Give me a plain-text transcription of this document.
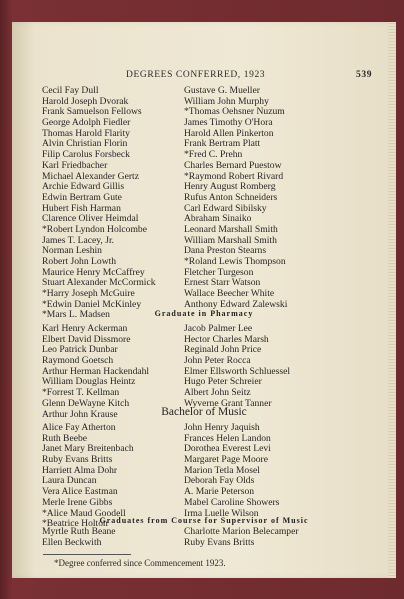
DEGREES CONFERRED, 1923	539
Cecil Fay Dull
Harold Joseph Dvorak
Frank Samuelson Fellows
George Adolph Fiedler
Thomas Harold Flarity
Alvin Christian Florin
Filip Carolus Forsbeck
Karl Friedbacher
Michael Alexander Gertz
Archie Edward Gillis
Edwin Bertram Gute
Hubert Fish Harman
Clarence Oliver Heimdal
*Robert Lyndon Holcombe
James T. Lacey, Jr.
Norman Leshin
Robert John Lowth
Maurice Henry McCaffrey
Stuart Alexander McCormick
*Harry Joseph McGuire
*Edwin Daniel McKinley
*Mars L. Madsen
Gustave G. Mueller
William John Murphy
*Thomas Oehsner Nuzum
James Timothy O'Hora
Harold Allen Pinkerton
Frank Bertram Platt
*Fred C. Prehn
Charles Bernard Puestow
*Raymond Robert Rivard
Henry August Romberg
Rufus Anton Schneiders
Carl Edward Sibilsky
Abraham Sinaiko
Leonard Marshall Smith
William Marshall Smith
Dana Preston Stearns
*Roland Lewis Thompson
Fletcher Turgeson
Ernest Starr Watson
Wallace Beecher White
Anthony Edward Zalewski
Graduate in Pharmacy
Karl Henry Ackerman
Elbert David Dissmore
Leo Patrick Dunbar
Raymond Goetsch
Arthur Herman Hackendahl
William Douglas Heintz
*Forrest T. Kellman
Glenn DeWayne Kitch
Arthur John Krause
Jacob Palmer Lee
Hector Charles Marsh
Reginald John Price
John Peter Rocca
Elmer Ellsworth Schluessel
Hugo Peter Schreier
Albert John Seitz
Wyverne Grant Tanner
Bachelor of Music
Alice Fay Atherton
Ruth Beebe
Janet Mary Breitenbach
Ruby Evans Britts
Harriett Alma Dohr
Laura Duncan
Vera Alice Eastman
Merle Irene Gibbs
*Alice Maud Goodell
*Beatrice Holton
John Henry Jaquish
Frances Helen Landon
Dorothea Everest Levi
Margaret Page Moore
Marion Tetla Mosel
Deborah Fay Olds
A. Marie Peterson
Mabel Caroline Showers
Irma Luelle Wilson
Graduates from Course for Supervisor of Music
Myrtle Ruth Beane
Ellen Beckwith
Charlotte Marion Belecamper
Ruby Evans Britts
*Degree conferred since Commencement 1923.
